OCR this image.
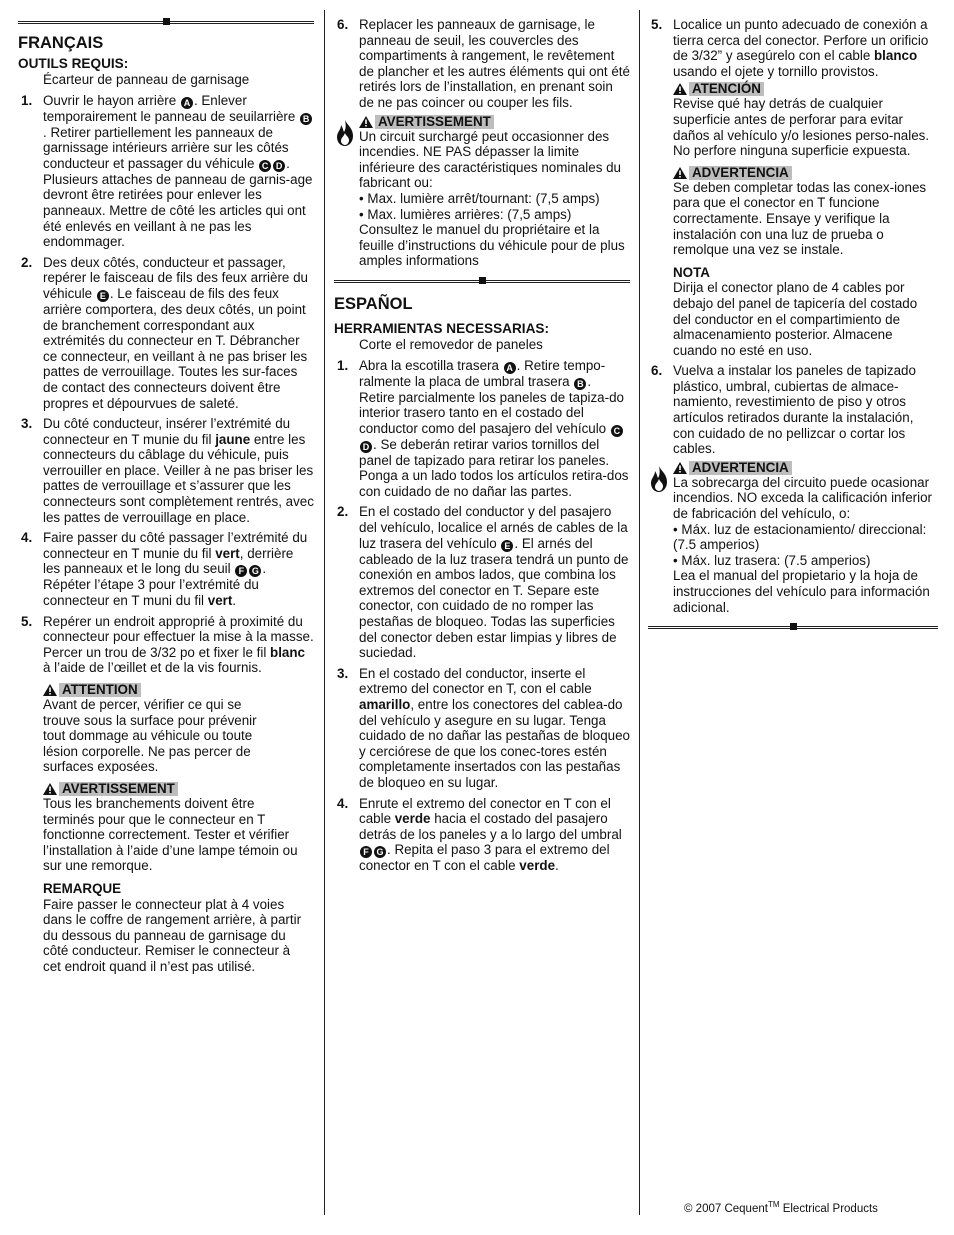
FRANÇAIS
OUTILS REQUIS:
Écarteur de panneau de garnisage
1. Ouvrir le hayon arrière A . Enlever temporairement le panneau de seuilarrière B. Retirer partiellement les panneaux de garnissage intérieurs arrière sur les côtés conducteur et passager du véhicule C D . Plusieurs attaches de panneau de garnis-age devront être retirées pour enlever les panneaux. Mettre de côté les articles qui ont été enlevés en veillant à ne pas les endommager.

2. Des deux côtés, conducteur et passager, repérer le faisceau de fils des feux arrière du véhicule E . Le faisceau de fils des feux arrière comportera, des deux côtés, un point de branchement correspondant aux extrémités du connecteur en T. Débrancher ce connecteur, en veillant à ne pas briser les pattes de verrouillage. Toutes les sur-faces de contact des connecteurs doivent être propres et dépourvues de saleté.

3. Du côté conducteur, insérer l’extrémité du connecteur en T munie du fil jaune entre les connecteurs du câblage du véhicule, puis verrouiller en place. Veiller à ne pas briser les pattes de verrouillage et s’assurer que les connecteurs sont complètement rentrés, avec les pattes de verrouillage en place.

4. Faire passer du côté passager l’extrémité du connecteur en T munie du fil vert, derrière les panneaux et le long du seuil F G . Répéter l’étape 3 pour l’extrémité du connecteur en T muni du fil vert.

5. Repérer un endroit approprié à proximité du connecteur pour effectuer la mise à la masse. Percer un trou de 3/32 po et fixer le fil blanc à l’aide de l’œillet et de la vis fournis.

ATTENTION
Avant de percer, vérifier ce qui se trouve sous la surface pour prévenir tout dommage au véhicule ou toute lésion corporelle. Ne pas percer de surfaces exposées.
AVERTISSEMENT
Tous les branchements doivent être terminés pour que le connecteur en T fonctionne correctement. Tester et vérifier l’installation à l’aide d’une lampe témoin ou sur une remorque.
REMARQUE
Faire passer le connecteur plat à 4 voies dans le coffre de rangement arrière, à partir du dessous du panneau de garnisage du côté conducteur. Remiser le connecteur à cet endroit quand il n’est pas utilisé.
6. Replacer les panneaux de garnisage, le panneau de seuil, les couvercles des compartiments à rangement, le revêtement de plancher et les autres éléments qui ont été retirés lors de l’installation, en prenant soin de ne pas coincer ou couper les fils.

AVERTISSEMENT
Un circuit surchargé peut occasionner des incendies. NE PAS dépasser la limite inférieure des caractéristiques nominales du fabricant ou:
• Max. lumière arrêt/tournant: (7,5 amps)
• Max. lumières arrières: (7,5 amps)
Consultez le manuel du propriétaire et la feuille d’instructions du véhicule pour de plus amples informations
ESPAÑOL
HERRAMIENTAS NECESSARIAS:
Corte el removedor de paneles
1. Abra la escotilla trasera A . Retire tempo-ralmente la placa de umbral trasera B . Retire parcialmente los paneles de tapiza-do interior trasero tanto en el costado del conductor como del pasajero del vehículo CD . Se deberán retirar varios tornillos del panel de tapizado para retirar los paneles. Ponga a un lado todos los artículos retira-dos con cuidado de no dañar las partes.

2. En el costado del conductor y del pasajero del vehículo, localice el arnés de cables de la luz trasera del vehículo E . El arnés del cableado de la luz trasera tendrá un punto de conexión en ambos lados, que combina los extremos del conector en T. Separe este conector, con cuidado de no romper las pestañas de bloqueo. Todas las superficies del conector deben estar limpias y libres de suciedad.

3. En el costado del conductor, inserte el extremo del conector en T, con el cable amarillo, entre los conectores del cablea-do del vehículo y asegure en su lugar. Tenga cuidado de no dañar las pestañas de bloqueo y cerciórese de que los conec-tores estén completamente insertados con las pestañas de bloqueo en su lugar.

4. Enrute el extremo del conector en T con el cable verde hacia el costado del pasajero detrás de los paneles y a lo largo del umbral F G . Repita el paso 3 para el extremo del conector en T con el cable verde.

5. Localice un punto adecuado de conexión a tierra cerca del conector. Perfore un orificio de 3/32” y asegúrelo con el cable blanco usando el ojete y tornillo provistos.

ATENCIÓN
Revise qué hay detrás de cualquier superficie antes de perforar para evitar daños al vehículo y/o lesiones perso-nales. No perfore ninguna superficie expuesta.
ADVERTENCIA
Se deben completar todas las conex-iones para que el conector en T funcione correctamente. Ensaye y verifique la instalación con una luz de prueba o remolque una vez se instale.
NOTA
Dirija el conector plano de 4 cables por debajo del panel de tapicería del costado del conductor en el compartimiento de almacenamiento posterior. Almacene cuando no esté en uso.
6. Vuelva a instalar los paneles de tapizado plástico, umbral, cubiertas de almace-namiento, revestimiento de piso y otros artículos retirados durante la instalación, con cuidado de no pellizcar o cortar los cables.

ADVERTENCIA
La sobrecarga del circuito puede ocasionar incendios. NO exceda la calificación inferior de fabricación del vehículo, o:
• Máx. luz de estacionamiento/ direccional: (7.5 amperios)
• Máx. luz trasera: (7.5 amperios)
Lea el manual del propietario y la hoja de instrucciones del vehículo para información adicional.
© 2007 Cequent™ Electrical Products
